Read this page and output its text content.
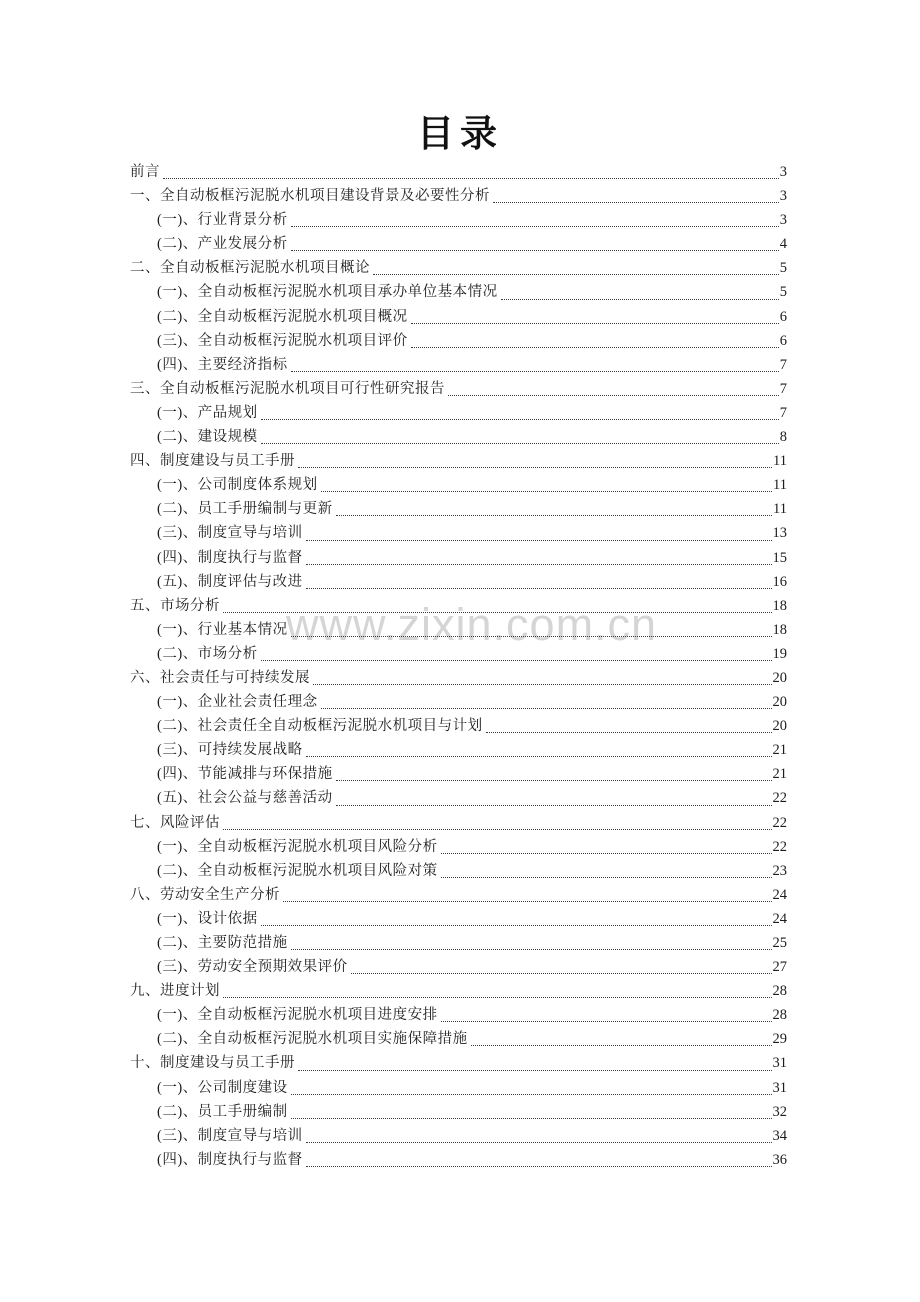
www.zixin.com.cn
目录
前言	3
一、全自动板框污泥脱水机项目建设背景及必要性分析	3
(一)、行业背景分析	3
(二)、产业发展分析	4
二、全自动板框污泥脱水机项目概论	5
(一)、全自动板框污泥脱水机项目承办单位基本情况	5
(二)、全自动板框污泥脱水机项目概况	6
(三)、全自动板框污泥脱水机项目评价	6
(四)、主要经济指标	7
三、全自动板框污泥脱水机项目可行性研究报告	7
(一)、产品规划	7
(二)、建设规模	8
四、制度建设与员工手册	11
(一)、公司制度体系规划	11
(二)、员工手册编制与更新	11
(三)、制度宣导与培训	13
(四)、制度执行与监督	15
(五)、制度评估与改进	16
五、市场分析	18
(一)、行业基本情况	18
(二)、市场分析	19
六、社会责任与可持续发展	20
(一)、企业社会责任理念	20
(二)、社会责任全自动板框污泥脱水机项目与计划	20
(三)、可持续发展战略	21
(四)、节能减排与环保措施	21
(五)、社会公益与慈善活动	22
七、风险评估	22
(一)、全自动板框污泥脱水机项目风险分析	22
(二)、全自动板框污泥脱水机项目风险对策	23
八、劳动安全生产分析	24
(一)、设计依据	24
(二)、主要防范措施	25
(三)、劳动安全预期效果评价	27
九、进度计划	28
(一)、全自动板框污泥脱水机项目进度安排	28
(二)、全自动板框污泥脱水机项目实施保障措施	29
十、制度建设与员工手册	31
(一)、公司制度建设	31
(二)、员工手册编制	32
(三)、制度宣导与培训	34
(四)、制度执行与监督	36
